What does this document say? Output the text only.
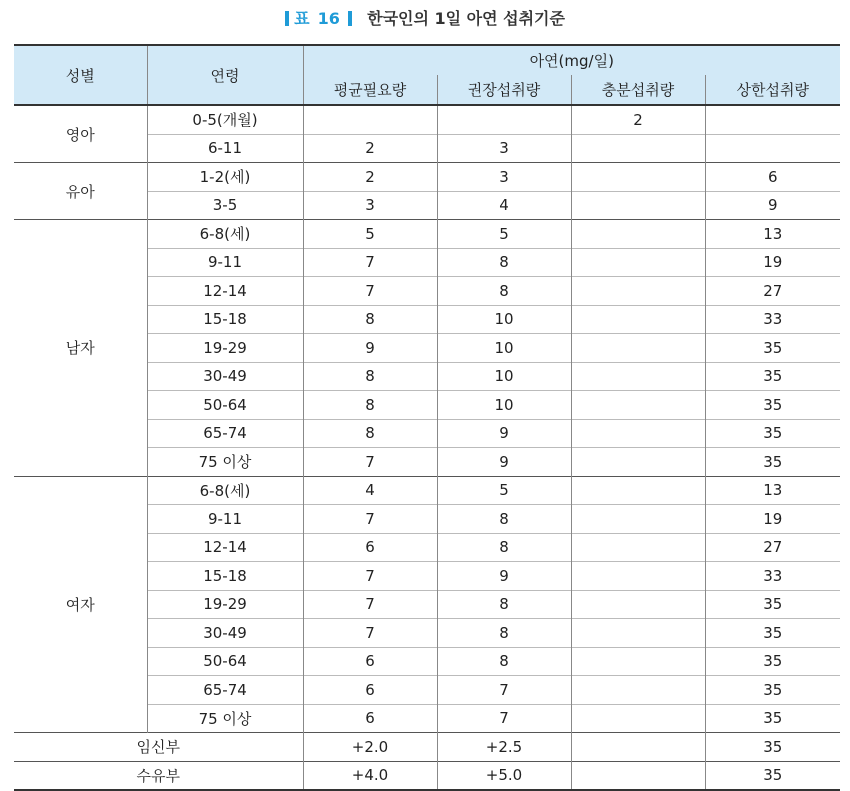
표 16 한국인의 1일 아연 섭취기준
성별	연령	아연(mg/일)			
		평균필요량	권장섭취량	충분섭취량	상한섭취량
영아	0-5(개월)			2	
	6-11	2	3		
유아	1-2(세)	2	3		6
	3-5	3	4		9
남자	6-8(세)	5	5		13
	9-11	7	8		19
	12-14	7	8		27
	15-18	8	10		33
	19-29	9	10		35
	30-49	8	10		35
	50-64	8	10		35
	65-74	8	9		35
	75 이상	7	9		35
여자	6-8(세)	4	5		13
	9-11	7	8		19
	12-14	6	8		27
	15-18	7	9		33
	19-29	7	8		35
	30-49	7	8		35
	50-64	6	8		35
	65-74	6	7		35
	75 이상	6	7		35
임신부		+2.0	+2.5		35
수유부		+4.0	+5.0		35
